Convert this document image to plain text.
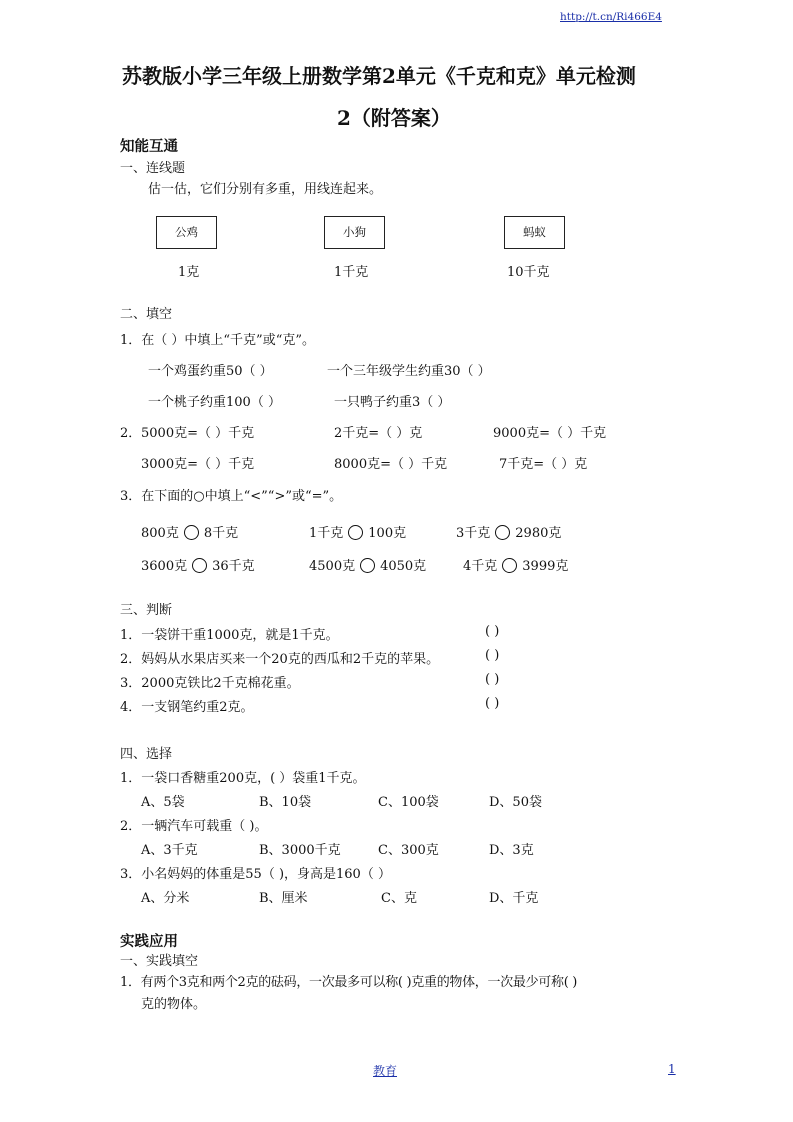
http://t.cn/Ri466E4
苏教版小学三年级上册数学第2单元《千克和克》单元检测
2（附答案）
知能互通
一、连线题
估一估，它们分别有多重，用线连起来。
公鸡	小狗	蚂蚁
1克	1千克	10千克
二、填空
1．在（ ）中填上“千克”或“克”。
一个鸡蛋约重50（ ）	一个三年级学生约重30（ ）
一个桃子约重100（ ）	一只鸭子约重3（ ）
2． 5000克=（ ）千克	2千克=（ ）克	9000克=（ ）千克
3000克=（ ）千克	8000克=（ ）千克	7千克=（ ）克
3．在下面的○中填上“<”“>”或“=”。
800克 8千克	1千克 100克	3千克 2980克
3600克 36千克	4500克 4050克	4千克 3999克
三、判断
1．一袋饼干重1000克，就是1千克。	( )
2．妈妈从水果店买来一个20克的西瓜和2千克的苹果。	( )
3．2000克铁比2千克棉花重。	( )
4．一支钢笔约重2克。	( )
四、选择
1．一袋口香糖重200克，( ）袋重1千克。
A、5袋	B、10袋	C、100袋	D、50袋
2．一辆汽车可载重（ )。
A、3千克	B、3000千克	C、300克	D、3克
3．小名妈妈的体重是55（ )，身高是160（ ）
A、分米	B、厘米	C、克	D、千克
实践应用
一、实践填空
1．有两个3克和两个2克的砝码，一次最多可以称( )克重的物体，一次最少可称( )
克的物体。
教育	1
